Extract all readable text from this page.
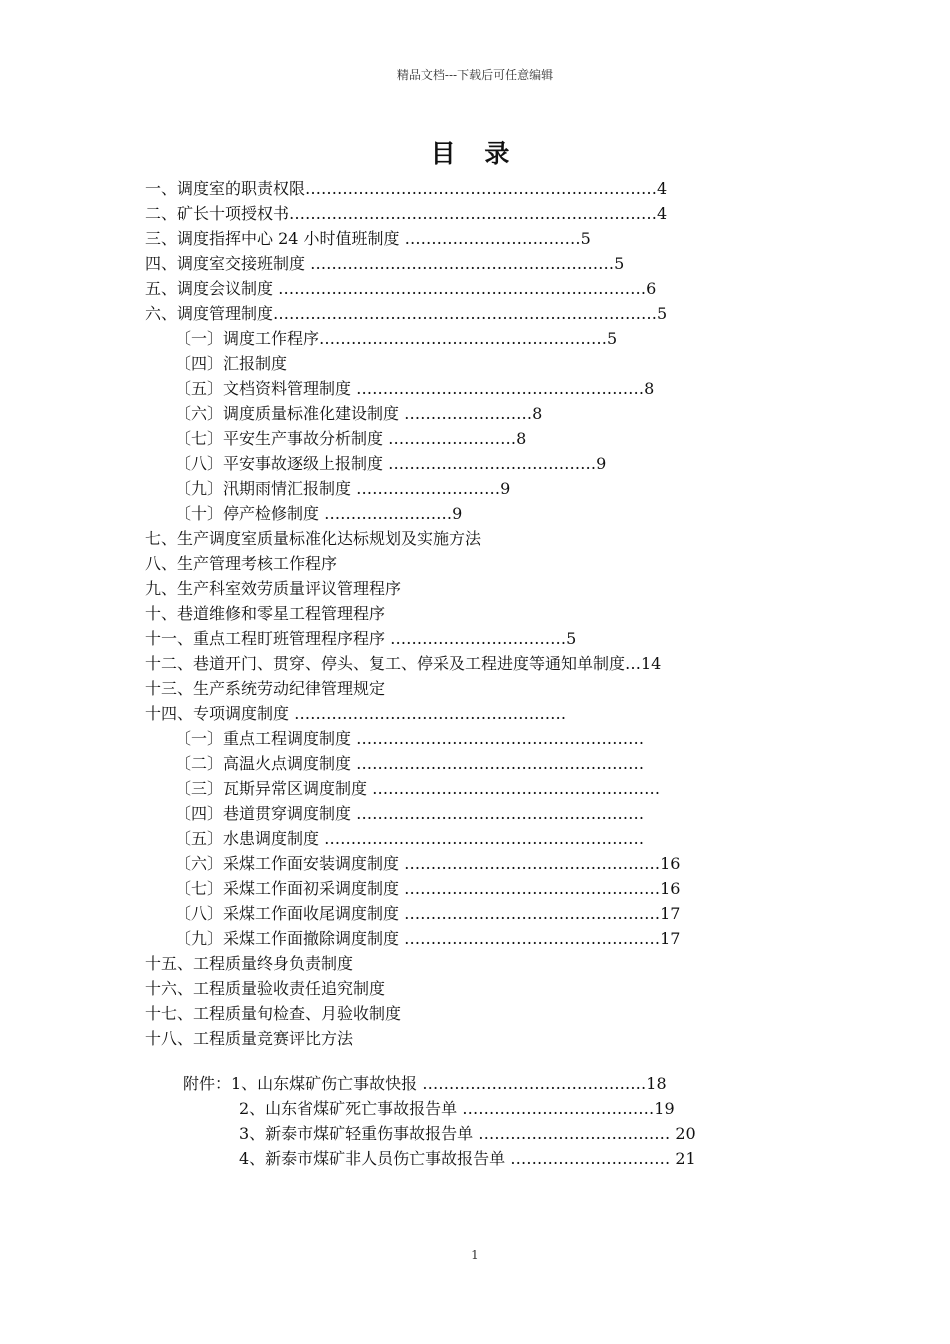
精品文档---下载后可任意编辑
目 录
一、调度室的职责权限…………………………………………………………4
二、矿长十项授权书……………………………………………………………4
三、调度指挥中心 24 小时值班制度 ……………………………5
四、调度室交接班制度 …………………………………………………5
五、调度会议制度 ……………………………………………………………6
六、调度管理制度………………………………………………………………5
〔一〕调度工作程序………………………………………………5
〔四〕汇报制度
〔五〕文档资料管理制度 ………………………………………………8
〔六〕调度质量标准化建设制度 ……………………8
〔七〕平安生产事故分析制度 ……………………8
〔八〕平安事故逐级上报制度 …………………………………9
〔九〕汛期雨情汇报制度 ………………………9
〔十〕停产检修制度 ……………………9
七、生产调度室质量标准化达标规划及实施方法
八、生产管理考核工作程序
九、生产科室效劳质量评议管理程序
十、巷道维修和零星工程管理程序
十一、重点工程盯班管理程序程序 ……………………………5
十二、巷道开门、贯穿、停头、复工、停采及工程进度等通知单制度…14
十三、生产系统劳动纪律管理规定
十四、专项调度制度 ……………………………………………
〔一〕重点工程调度制度 ………………………………………………
〔二〕高温火点调度制度 ………………………………………………
〔三〕瓦斯异常区调度制度 ………………………………………………
〔四〕巷道贯穿调度制度 ………………………………………………
〔五〕水患调度制度 ……………………………………………………
〔六〕采煤工作面安装调度制度 …………………………………………16
〔七〕采煤工作面初采调度制度 …………………………………………16
〔八〕采煤工作面收尾调度制度 …………………………………………17
〔九〕采煤工作面撤除调度制度 …………………………………………17
十五、工程质量终身负责制度
十六、工程质量验收责任追究制度
十七、工程质量旬检查、月验收制度
十八、工程质量竞赛评比方法
附件：1、山东煤矿伤亡事故快报 ……………………………………18
2、山东省煤矿死亡事故报告单 ………………………………19
3、新泰市煤矿轻重伤事故报告单 ……………………………… 20
4、新泰市煤矿非人员伤亡事故报告单 ………………………… 21
1
